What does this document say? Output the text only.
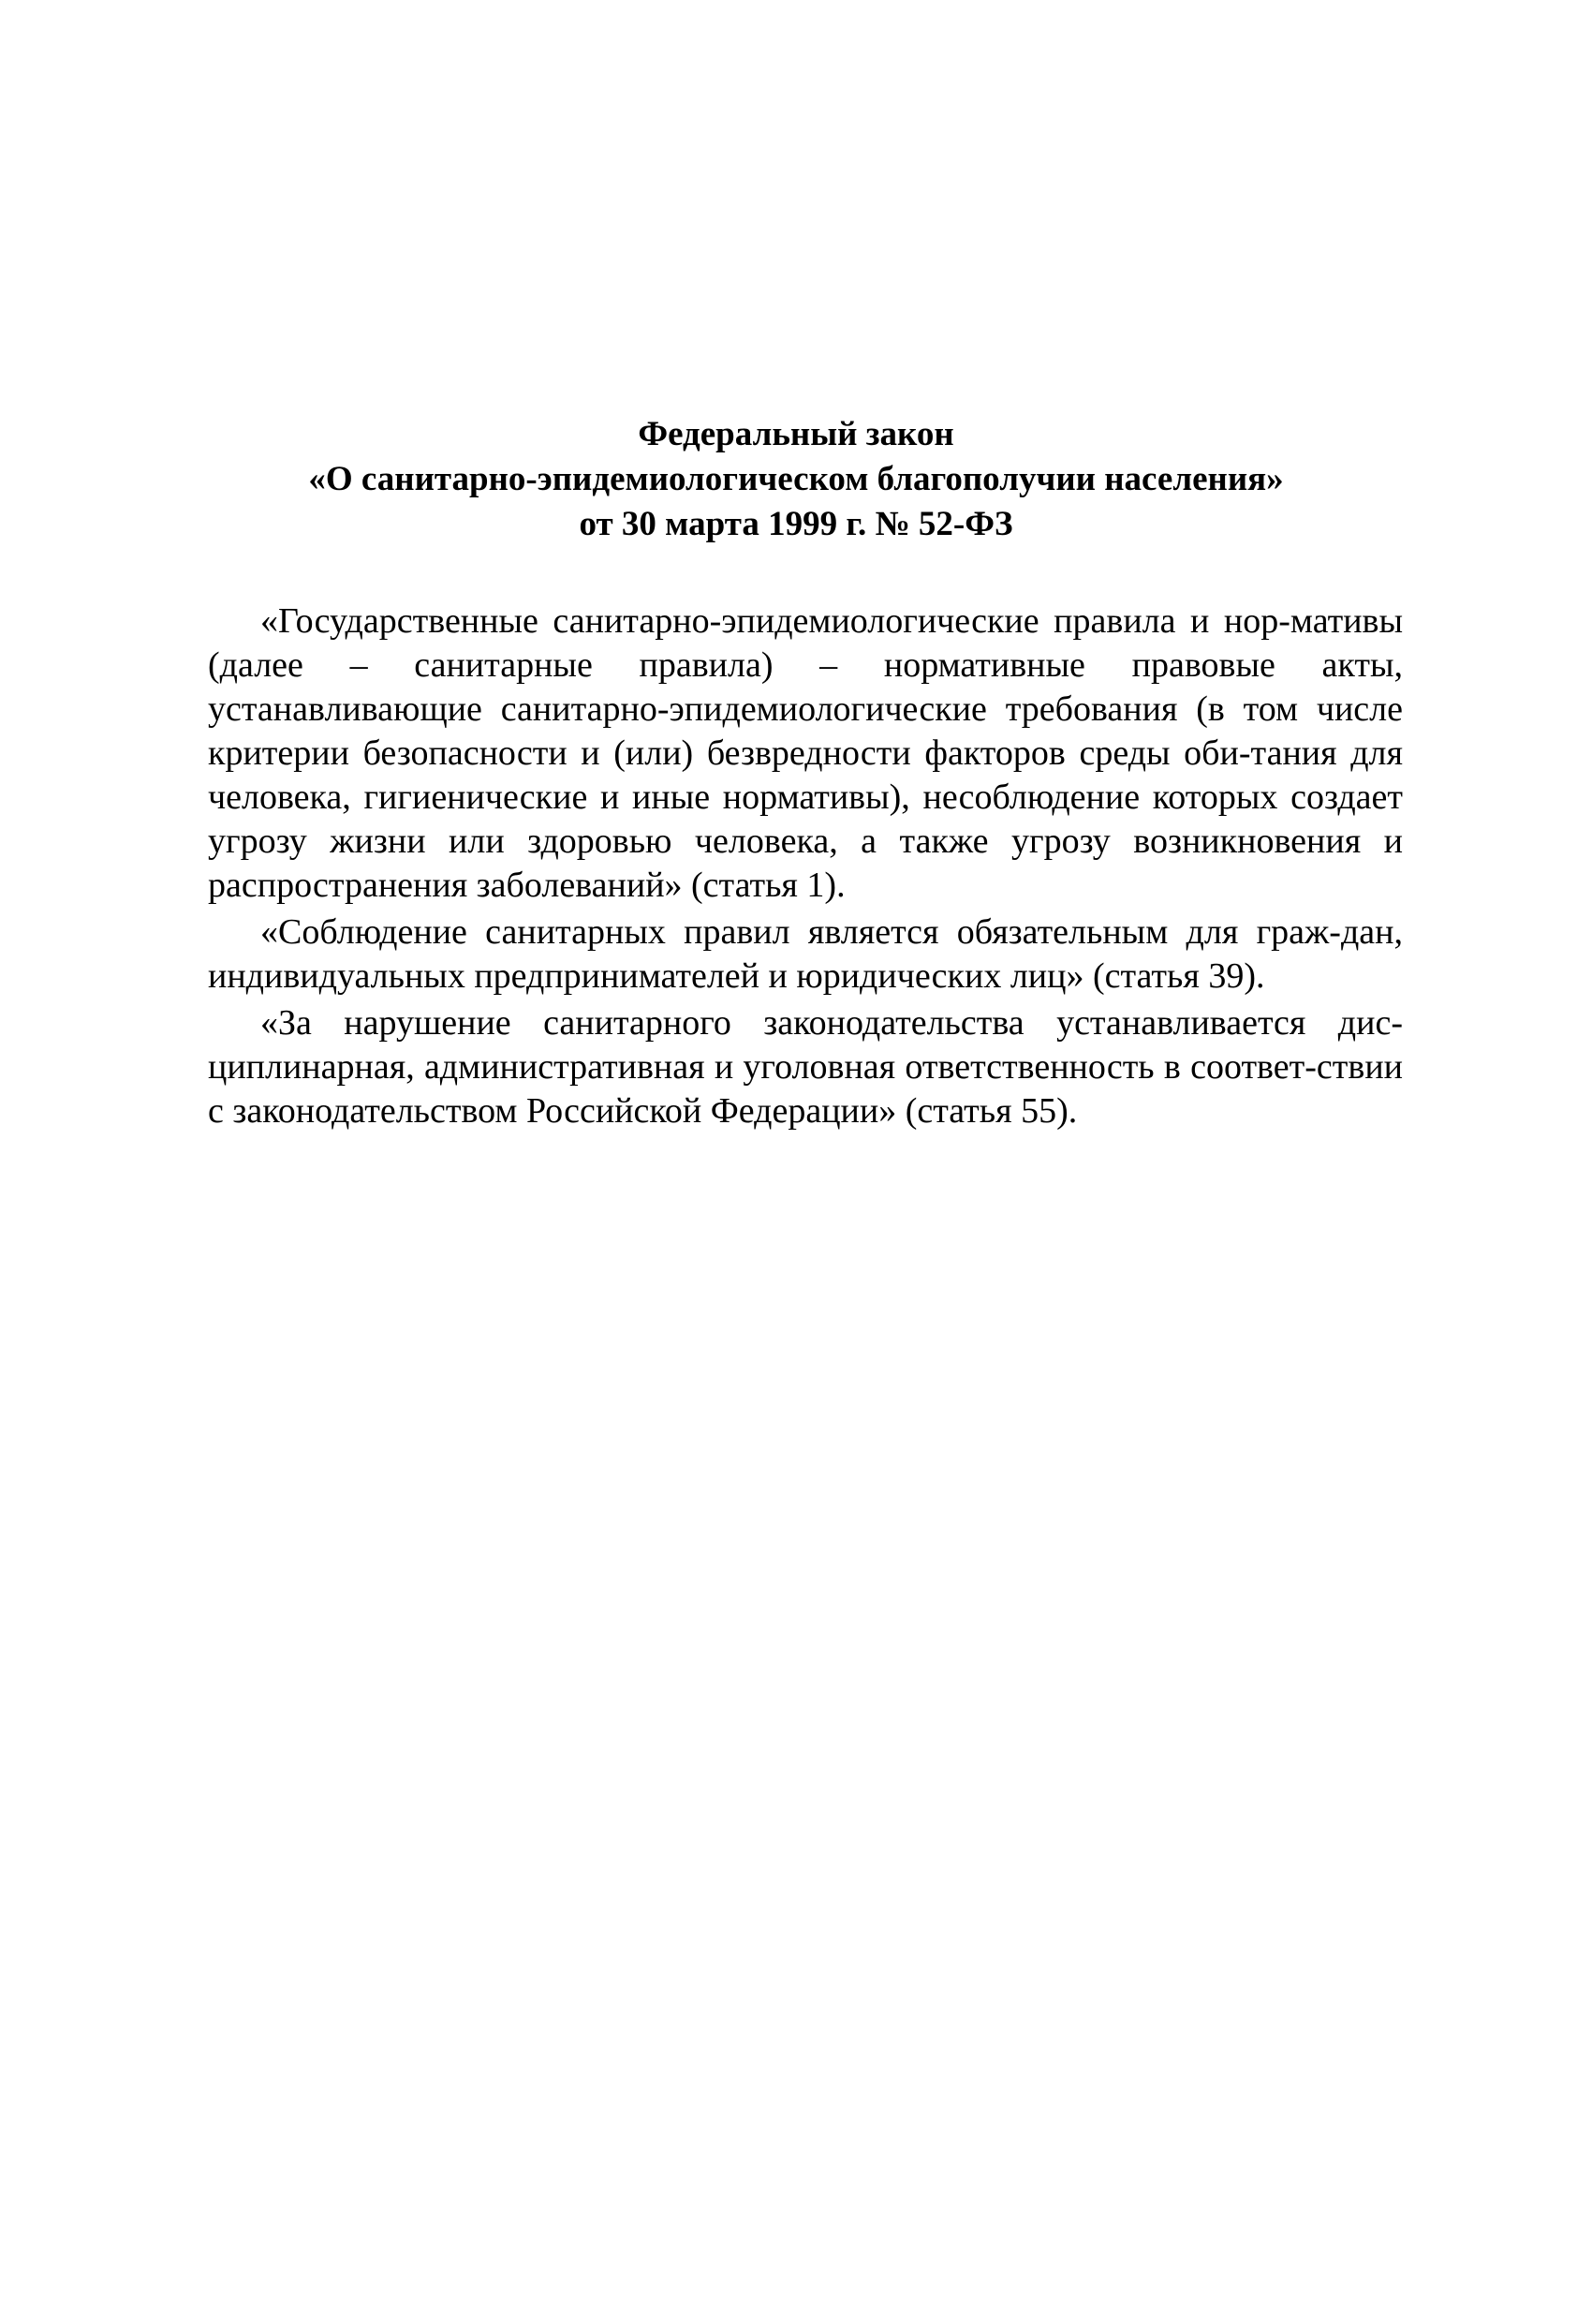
Федеральный закон
«О санитарно-эпидемиологическом благополучии населения»
от 30 марта 1999 г. № 52-ФЗ

«Государственные санитарно-эпидемиологические правила и нор-мативы (далее – санитарные правила) – нормативные правовые акты, устанавливающие санитарно-эпидемиологические требования (в том числе критерии безопасности и (или) безвредности факторов среды оби-тания для человека, гигиенические и иные нормативы), несоблюдение которых создает угрозу жизни или здоровью человека, а также угрозу возникновения и распространения заболеваний» (статья 1).

«Соблюдение санитарных правил является обязательным для граж-дан, индивидуальных предпринимателей и юридических лиц» (статья 39).

«За нарушение санитарного законодательства устанавливается дис-циплинарная, административная и уголовная ответственность в соответ-ствии с законодательством Российской Федерации» (статья 55).
